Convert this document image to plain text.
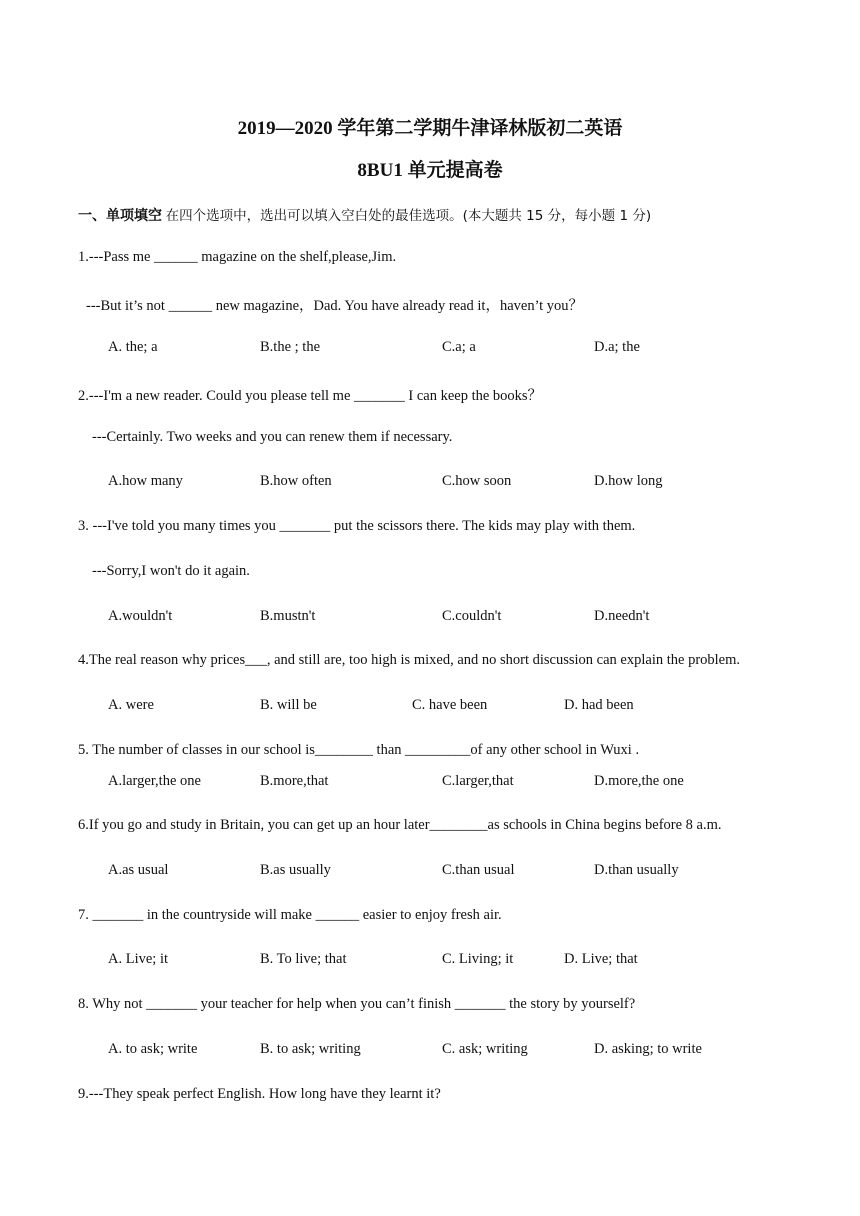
2019—2020 学年第二学期牛津译林版初二英语
8BU1 单元提高卷
一、单项填空 在四个选项中，选出可以填入空白处的最佳选项。(本大题共 15 分，每小题 1 分)
1.---Pass me ______ magazine on the shelf,please,Jim.
---But it’s not ______ new magazine，Dad. You have already read it，haven’t you？
A. the; a	B.the ; the	C.a; a	D.a; the
2.---I'm a new reader. Could you please tell me _______ I can keep the books？
---Certainly. Two weeks and you can renew them if necessary.
A.how many	B.how often	C.how soon	D.how long
3. ---I've told you many times you _______ put the scissors there. The kids may play with them.
---Sorry,I won't do it again.
A.wouldn't	B.mustn't	C.couldn't	D.needn't
4.The real reason why prices___, and still are, too high is mixed, and no short discussion can explain the problem.
A. were	B. will be	C. have been	D. had been
5. The number of classes in our school is________ than _________of any other school in Wuxi .
A.larger,the one	B.more,that	C.larger,that	D.more,the one
6.If you go and study in Britain, you can get up an hour later________as schools in China begins before 8 a.m.
A.as usual	B.as usually	C.than usual	D.than usually
7. _______ in the countryside will make ______ easier to enjoy fresh air.
A. Live; it	B. To live; that	C. Living; it	D. Live; that
8. Why not _______ your teacher for help when you can’t finish _______ the story by yourself?
A. to ask; write	B. to ask; writing	C. ask; writing	D. asking; to write
9.---They speak perfect English. How long have they learnt it?
